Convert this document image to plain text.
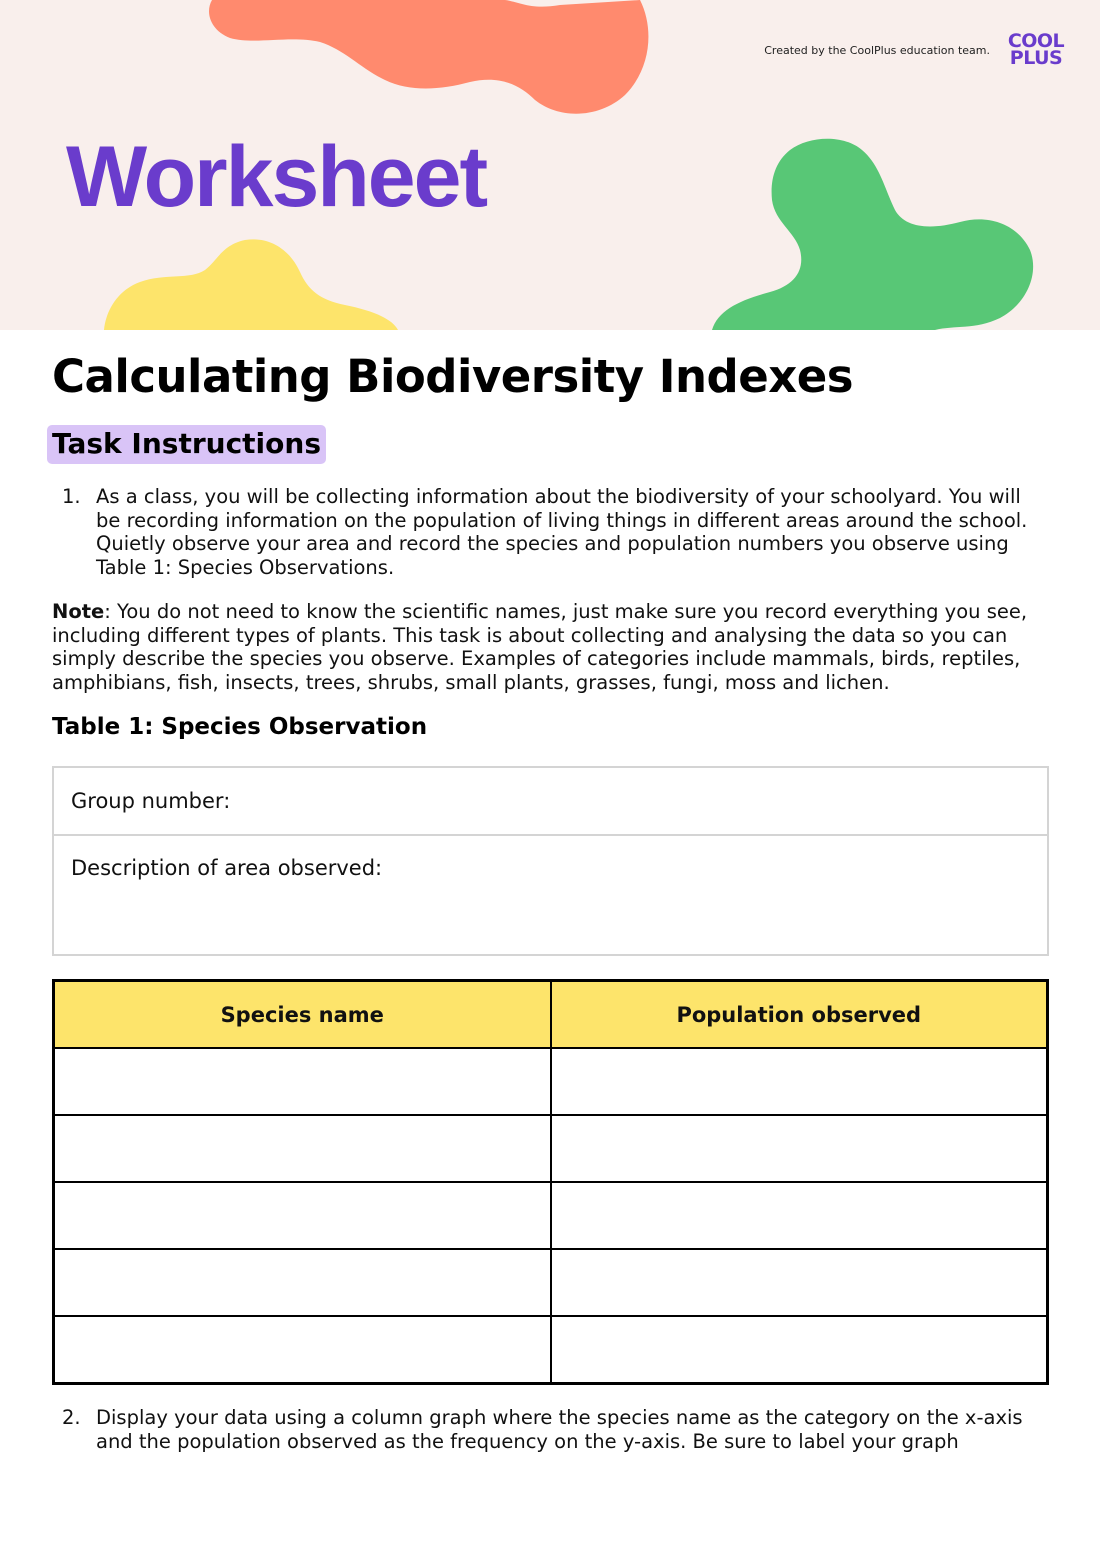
Created by the CoolPlus education team. COOL
PLUS
Worksheet
Calculating Biodiversity Indexes
Task Instructions
1. As a class, you will be collecting information about the biodiversity of your schoolyard. You will be recording information on the population of living things in different areas around the school. Quietly observe your area and record the species and population numbers you observe using Table 1: Species Observations.
Note: You do not need to know the scientific names, just make sure you record everything you see, including different types of plants. This task is about collecting and analysing the data so you can simply describe the species you observe. Examples of categories include mammals, birds, reptiles, amphibians, fish, insects, trees, shrubs, small plants, grasses, fungi, moss and lichen.
Table 1: Species Observation
Group number:
Description of area observed:
Species name	Population observed

2. Display your data using a column graph where the species name as the category on the x-axis and the population observed as the frequency on the y-axis. Be sure to label your graph
